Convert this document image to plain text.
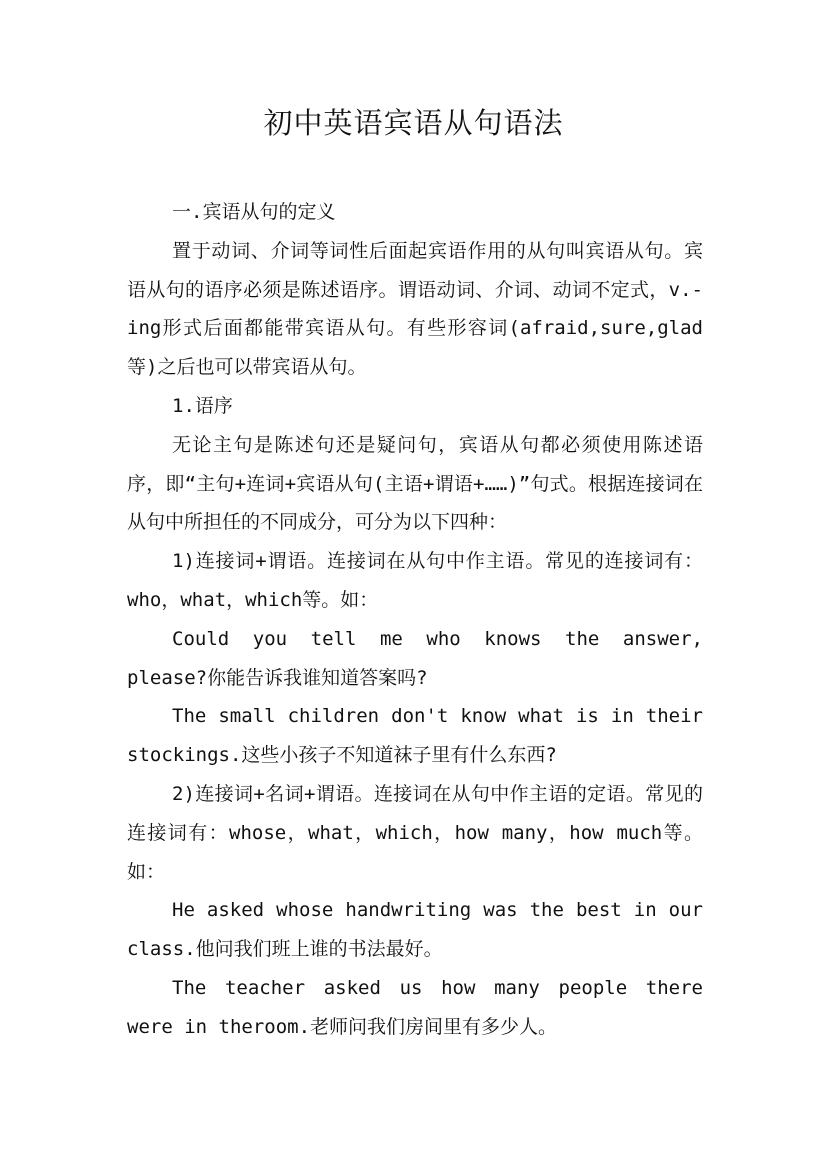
初中英语宾语从句语法

一.宾语从句的定义

置于动词、介词等词性后面起宾语作用的从句叫宾语从句。宾语从句的语序必须是陈述语序。谓语动词、介词、动词不定式，v.-ing形式后面都能带宾语从句。有些形容词(afraid,sure,glad等)之后也可以带宾语从句。

1.语序

无论主句是陈述句还是疑问句，宾语从句都必须使用陈述语序，即“主句+连词+宾语从句(主语+谓语+……)”句式。根据连接词在从句中所担任的不同成分，可分为以下四种：

1)连接词+谓语。连接词在从句中作主语。常见的连接词有： who，what，which等。如：

Could you tell me who knows the answer, please?你能告诉我谁知道答案吗?

The small children don't know what is in their stockings.这些小孩子不知道袜子里有什么东西?

2)连接词+名词+谓语。连接词在从句中作主语的定语。常见的连接词有：whose，what，which，how many，how much等。如：

He asked whose handwriting was the best in our class.他问我们班上谁的书法最好。

The teacher asked us how many people there were in theroom.老师问我们房间里有多少人。
